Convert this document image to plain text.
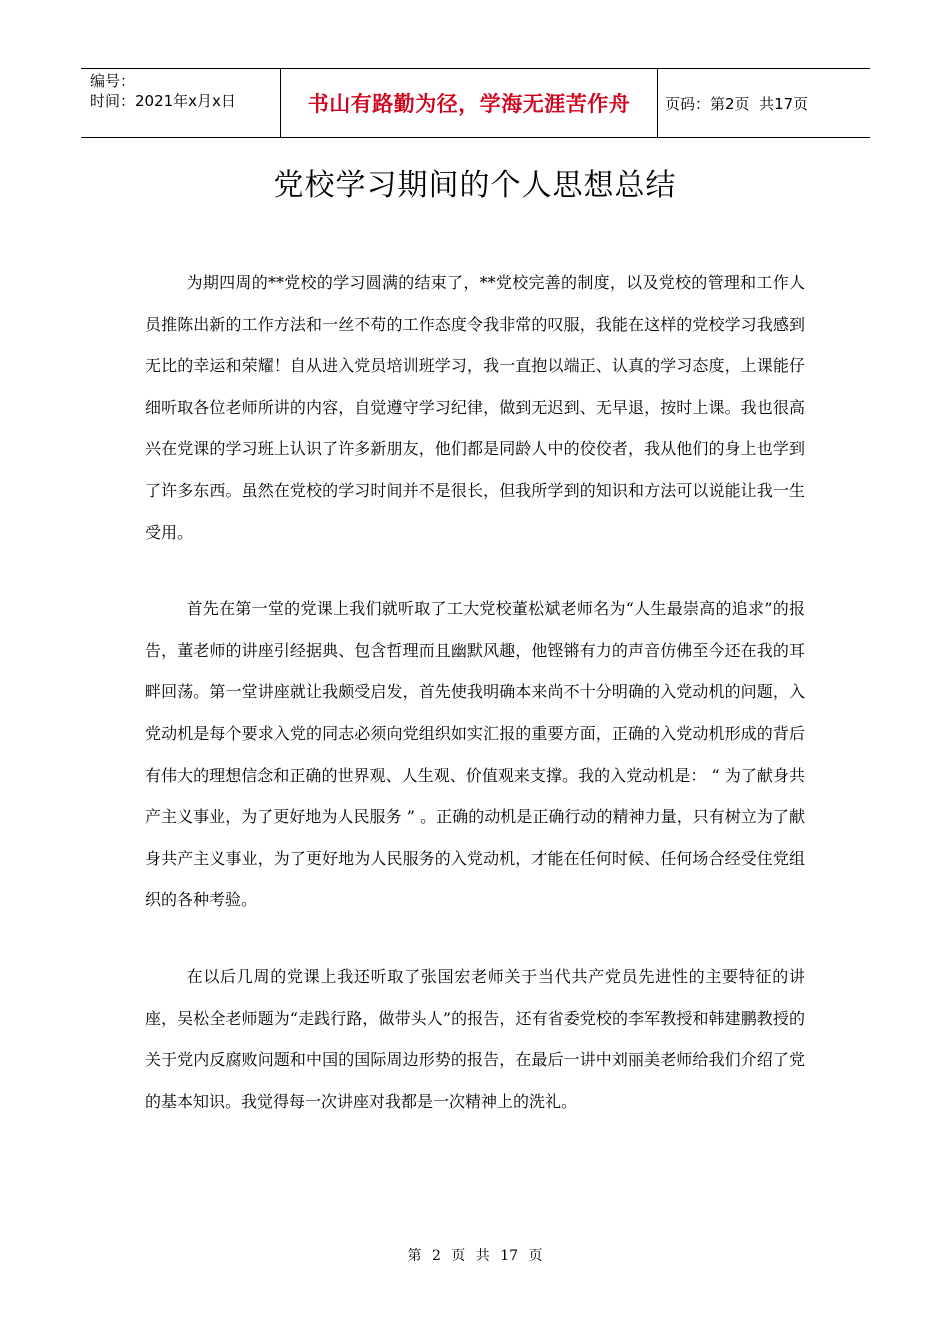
编号：
时间：2021年x月x日	书山有路勤为径，学海无涯苦作舟 页码：第2页  共17页
党校学习期间的个人思想总结

为期四周的**党校的学习圆满的结束了，**党校完善的制度，以及党校的管理和工作人员推陈出新的工作方法和一丝不苟的工作态度令我非常的叹服，我能在这样的党校学习我感到无比的幸运和荣耀！自从进入党员培训班学习，我一直抱以端正、认真的学习态度，上课能仔细听取各位老师所讲的内容，自觉遵守学习纪律，做到无迟到、无早退，按时上课。我也很高兴在党课的学习班上认识了许多新朋友，他们都是同龄人中的佼佼者，我从他们的身上也学到了许多东西。虽然在党校的学习时间并不是很长，但我所学到的知识和方法可以说能让我一生受用。

首先在第一堂的党课上我们就听取了工大党校董松斌老师名为“人生最崇高的追求”的报告，董老师的讲座引经据典、包含哲理而且幽默风趣，他铿锵有力的声音仿佛至今还在我的耳畔回荡。第一堂讲座就让我颇受启发，首先使我明确本来尚不十分明确的入党动机的问题，入党动机是每个要求入党的同志必须向党组织如实汇报的重要方面，正确的入党动机形成的背后有伟大的理想信念和正确的世界观、人生观、价值观来支撑。我的入党动机是： “ 为了献身共产主义事业，为了更好地为人民服务 ” 。正确的动机是正确行动的精神力量，只有树立为了献身共产主义事业，为了更好地为人民服务的入党动机，才能在任何时候、任何场合经受住党组织的各种考验。

在以后几周的党课上我还听取了张国宏老师关于当代共产党员先进性的主要特征的讲座，吴松全老师题为“走践行路，做带头人”的报告，还有省委党校的李军教授和韩建鹏教授的关于党内反腐败问题和中国的国际周边形势的报告，在最后一讲中刘丽美老师给我们介绍了党的基本知识。我觉得每一次讲座对我都是一次精神上的洗礼。

第 2 页 共 17 页
